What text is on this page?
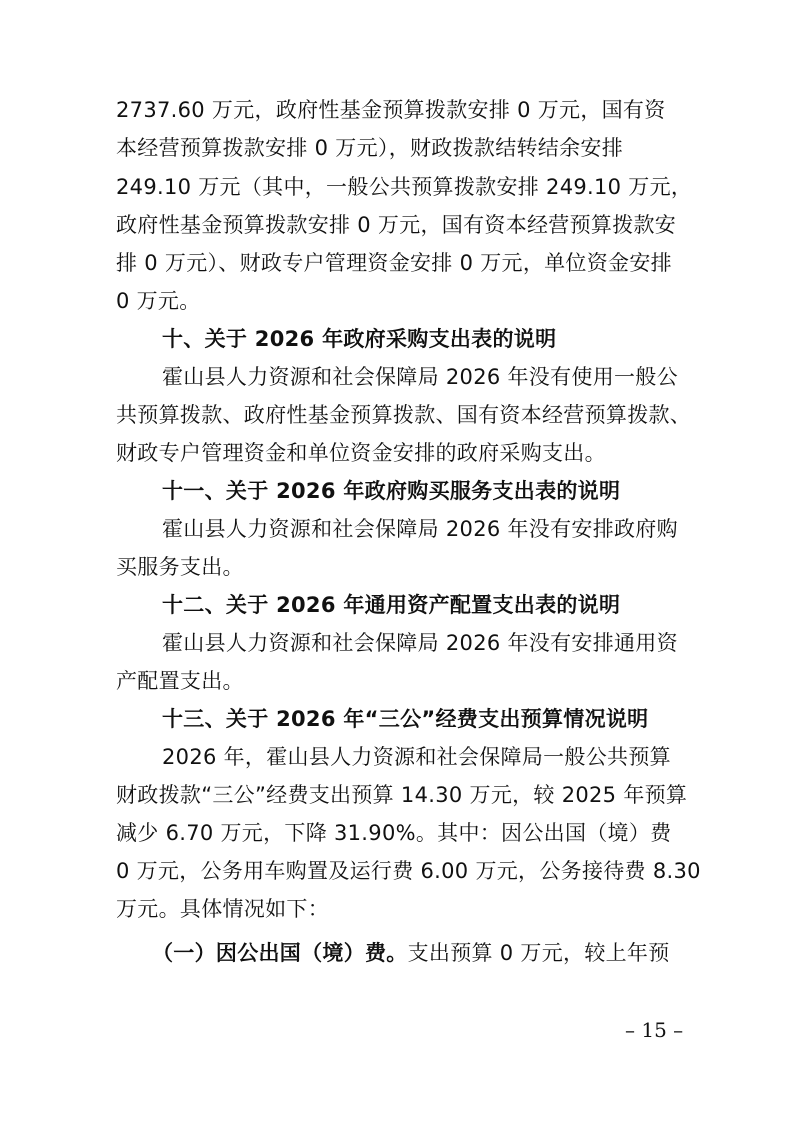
2737.60 万元，政府性基金预算拨款安排 0 万元，国有资
本经营预算拨款安排 0 万元），财政拨款结转结余安排
249.10 万元（其中，一般公共预算拨款安排 249.10 万元，
政府性基金预算拨款安排 0 万元，国有资本经营预算拨款安
排 0 万元）、财政专户管理资金安排 0 万元，单位资金安排
0 万元。
十、关于 2026 年政府采购支出表的说明
霍山县人力资源和社会保障局 2026 年没有使用一般公
共预算拨款、政府性基金预算拨款、国有资本经营预算拨款、
财政专户管理资金和单位资金安排的政府采购支出。
十一、关于 2026 年政府购买服务支出表的说明
霍山县人力资源和社会保障局 2026 年没有安排政府购
买服务支出。
十二、关于 2026 年通用资产配置支出表的说明
霍山县人力资源和社会保障局 2026 年没有安排通用资
产配置支出。
十三、关于 2026 年“三公”经费支出预算情况说明
2026 年，霍山县人力资源和社会保障局一般公共预算
财政拨款“三公”经费支出预算 14.30 万元，较 2025 年预算
减少 6.70 万元，下降 31.90%。其中：因公出国（境）费
0 万元，公务用车购置及运行费 6.00 万元，公务接待费 8.30
万元。具体情况如下：
（一）因公出国（境）费。支出预算 0 万元，较上年预
– 15 –
